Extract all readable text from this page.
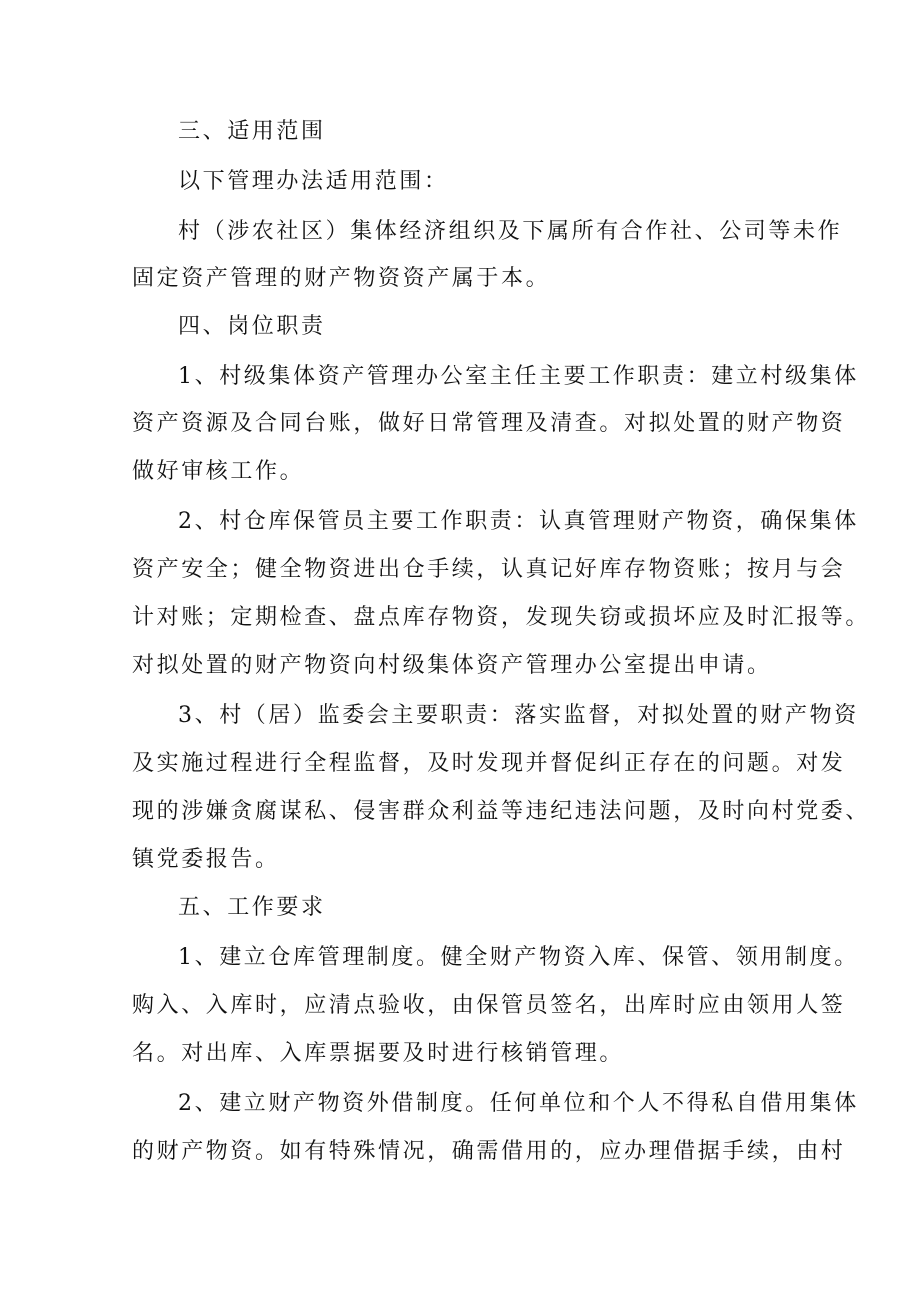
三、适用范围
以下管理办法适用范围：
村（涉农社区）集体经济组织及下属所有合作社、公司等未作
固定资产管理的财产物资资产属于本。
四、岗位职责
1、村级集体资产管理办公室主任主要工作职责：建立村级集体
资产资源及合同台账，做好日常管理及清查。对拟处置的财产物资
做好审核工作。
2、村仓库保管员主要工作职责：认真管理财产物资，确保集体
资产安全；健全物资进出仓手续，认真记好库存物资账；按月与会
计对账；定期检查、盘点库存物资，发现失窃或损坏应及时汇报等。
对拟处置的财产物资向村级集体资产管理办公室提出申请。
3、村（居）监委会主要职责：落实监督，对拟处置的财产物资
及实施过程进行全程监督，及时发现并督促纠正存在的问题。对发
现的涉嫌贪腐谋私、侵害群众利益等违纪违法问题，及时向村党委、
镇党委报告。
五、工作要求
1、建立仓库管理制度。健全财产物资入库、保管、领用制度。
购入、入库时，应清点验收，由保管员签名，出库时应由领用人签
名。对出库、入库票据要及时进行核销管理。
2、建立财产物资外借制度。任何单位和个人不得私自借用集体
的财产物资。如有特殊情况，确需借用的，应办理借据手续，由村
